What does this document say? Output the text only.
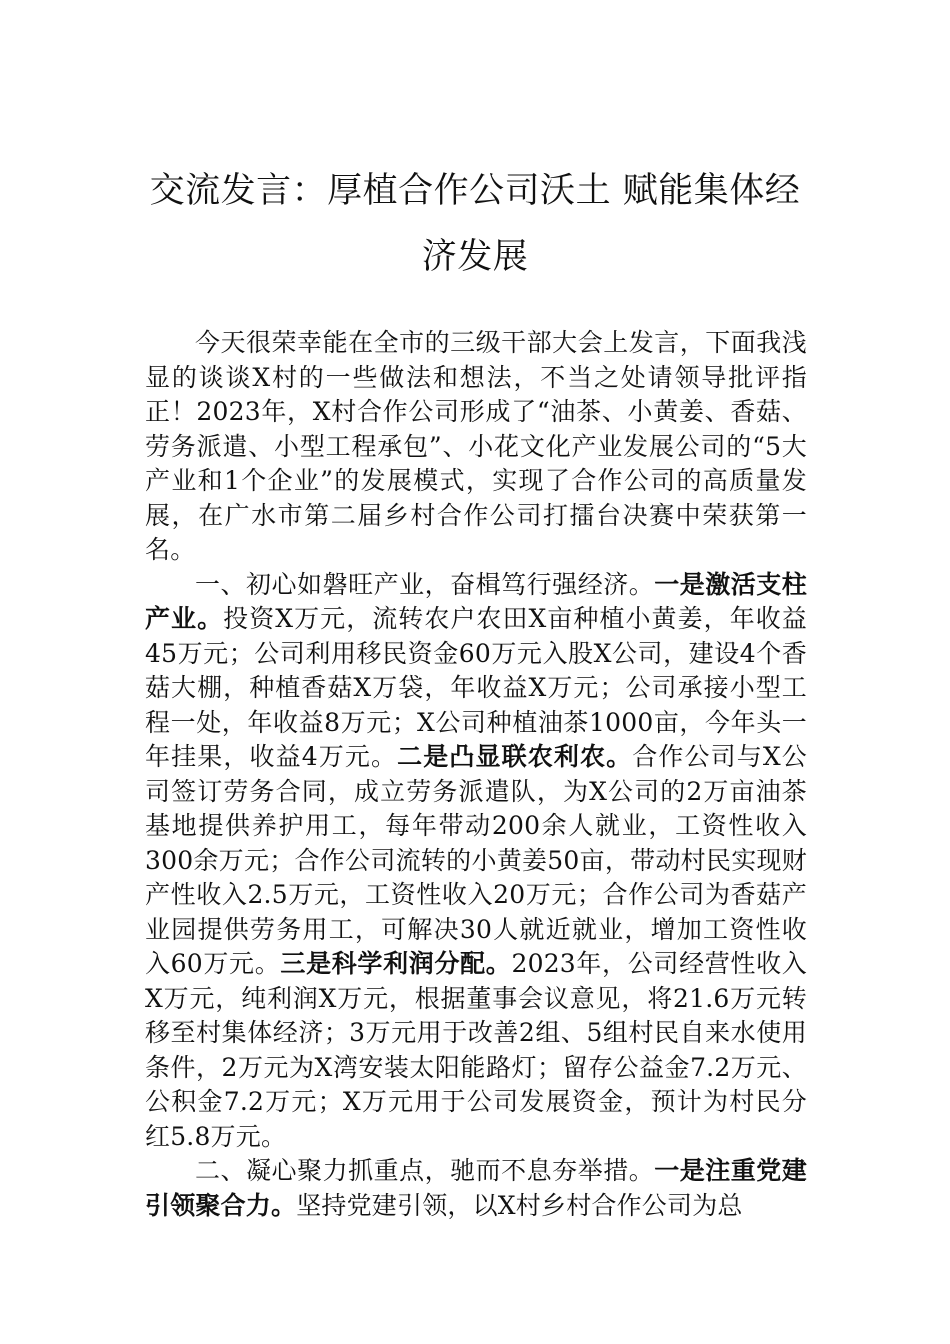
交流发言：厚植合作公司沃土 赋能集体经济发展

今天很荣幸能在全市的三级干部大会上发言，下面我浅显的谈谈X村的一些做法和想法，不当之处请领导批评指正！2023年，X村合作公司形成了“油茶、小黄姜、香菇、劳务派遣、小型工程承包”、小花文化产业发展公司的“5大产业和1个企业”的发展模式，实现了合作公司的高质量发展，在广水市第二届乡村合作公司打擂台决赛中荣获第一名。

一、初心如磐旺产业，奋楫笃行强经济。一是激活支柱产业。投资X万元，流转农户农田X亩种植小黄姜，年收益45万元；公司利用移民资金60万元入股X公司，建设4个香菇大棚，种植香菇X万袋，年收益X万元；公司承接小型工程一处，年收益8万元；X公司种植油茶1000亩，今年头一年挂果，收益4万元。二是凸显联农利农。合作公司与X公司签订劳务合同，成立劳务派遣队，为X公司的2万亩油茶基地提供养护用工，每年带动200余人就业，工资性收入300余万元；合作公司流转的小黄姜50亩，带动村民实现财产性收入2.5万元，工资性收入20万元；合作公司为香菇产业园提供劳务用工，可解决30人就近就业，增加工资性收入60万元。三是科学利润分配。2023年，公司经营性收入X万元，纯利润X万元，根据董事会议意见，将21.6万元转移至村集体经济；3万元用于改善2组、5组村民自来水使用条件，2万元为X湾安装太阳能路灯；留存公益金7.2万元、公积金7.2万元；X万元用于公司发展资金，预计为村民分红5.8万元。

二、凝心聚力抓重点，驰而不息夯举措。一是注重党建引领聚合力。坚持党建引领，以X村乡村合作公司为总
